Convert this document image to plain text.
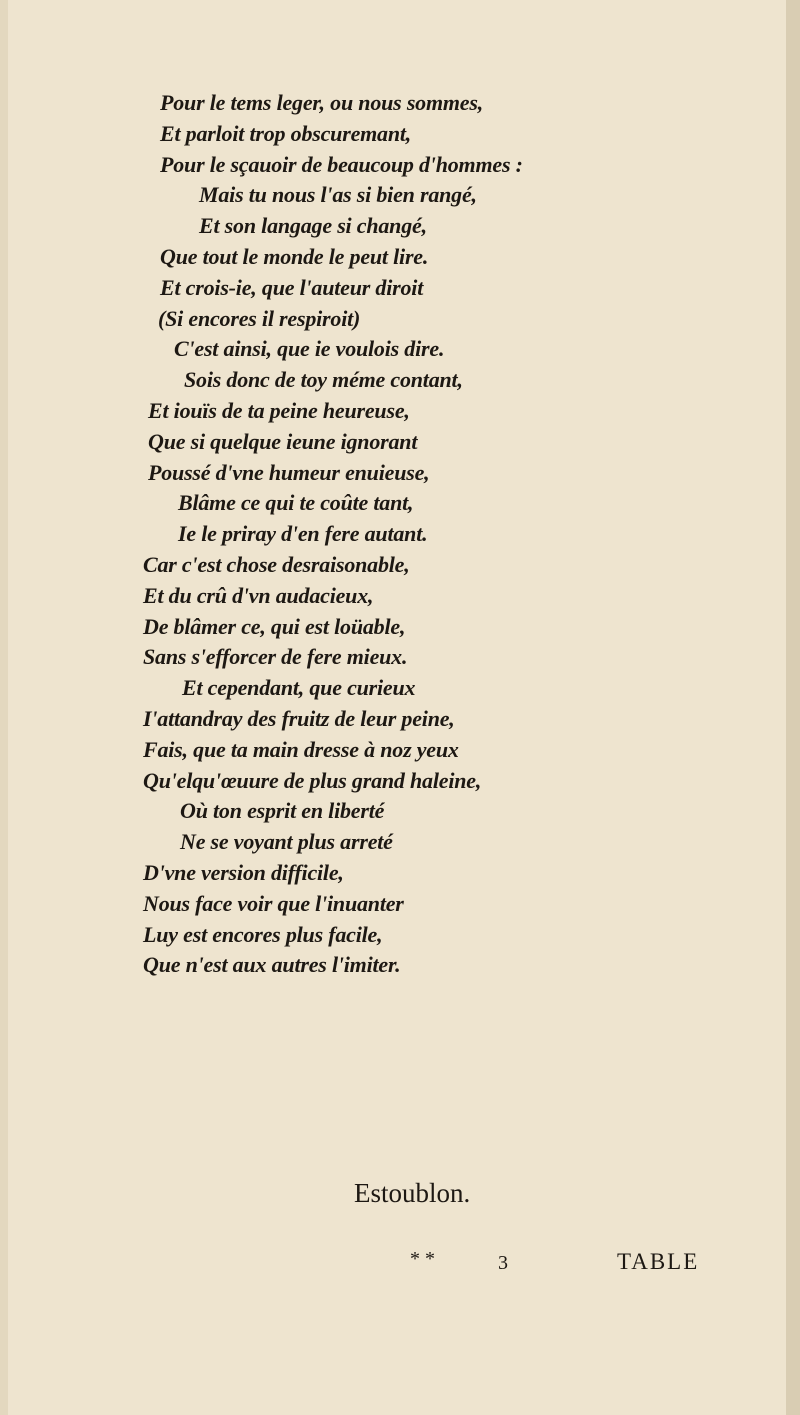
Pour le tems leger, ou nous sommes,
Et parloit trop obscuremant,
Pour le sçauoir de beaucoup d'hommes :
Mais tu nous l'as si bien rangé,
Et son langage si changé,
Que tout le monde le peut lire.
Et crois-ie, que l'auteur diroit
(Si encores il respiroit)
C'est ainsi, que ie voulois dire.
Sois donc de toy méme contant,
Et iouïs de ta peine heureuse,
Que si quelque ieune ignorant
Poussé d'vne humeur enuieuse,
Blâme ce qui te coûte tant,
Ie le priray d'en fere autant.
Car c'est chose desraisonable,
Et du crû d'vn audacieux,
De blâmer ce, qui est loüable,
Sans s'efforcer de fere mieux.
Et cependant, que curieux
I'attandray des fruitz de leur peine,
Fais, que ta main dresse à noz yeux
Qu'elqu'œuure de plus grand haleine,
Où ton esprit en liberté
Ne se voyant plus arreté
D'vne version difficile,
Nous face voir que l'inuanter
Luy est encores plus facile,
Que n'est aux autres l'imiter.
Estoublon.
* *	3	TABLE
